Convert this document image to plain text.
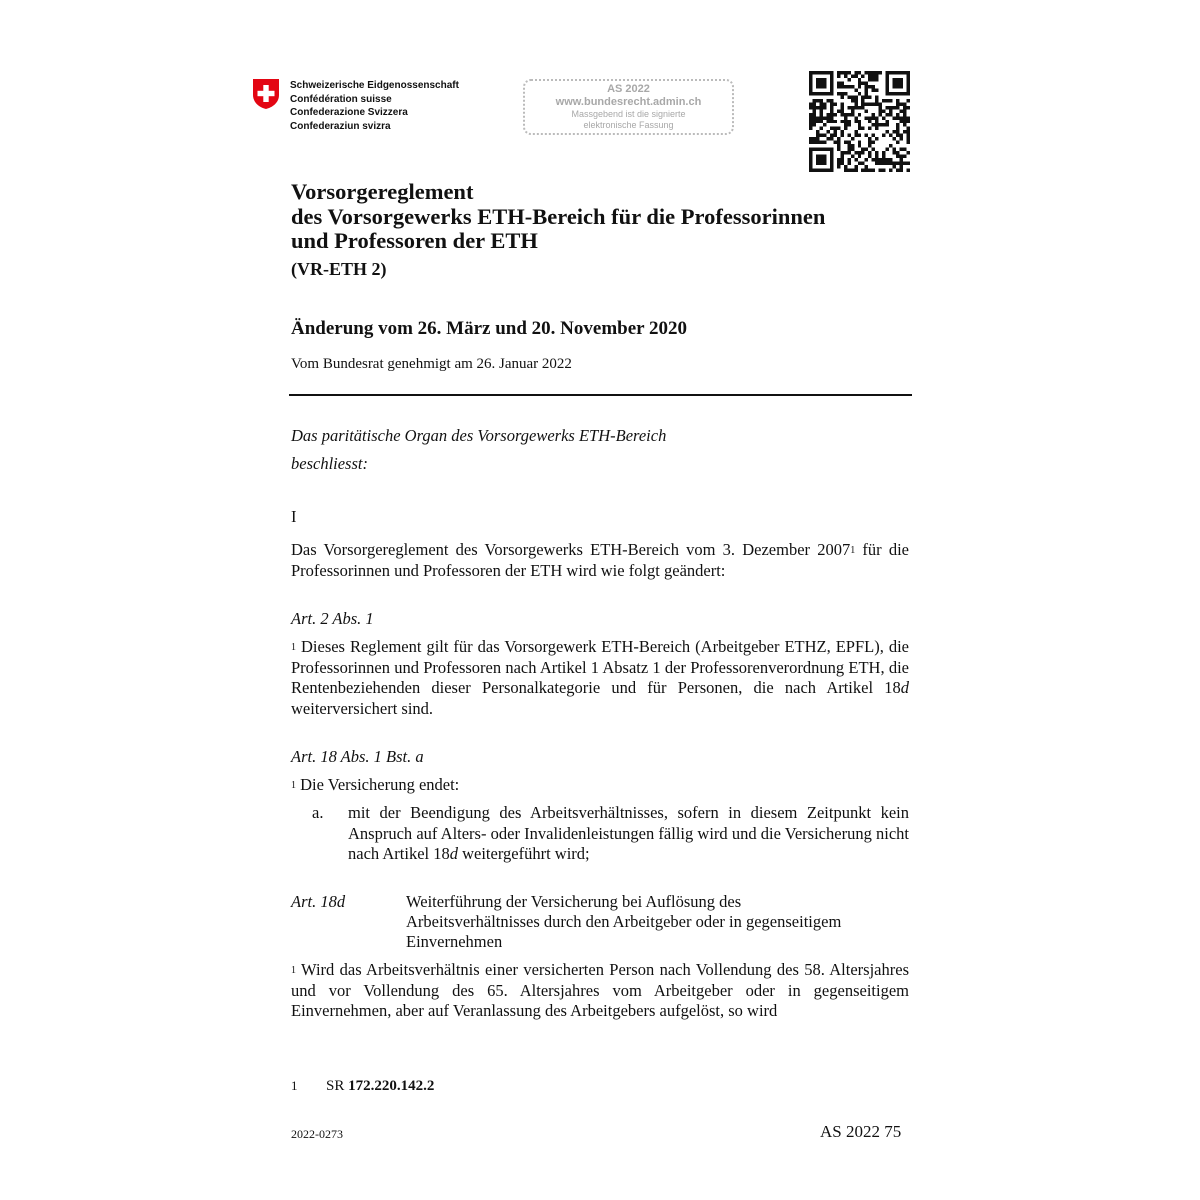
Schweizerische Eidgenossenschaft
Confédération suisse
Confederazione Svizzera
Confederaziun svizra
AS 2022
www.bundesrecht.admin.ch
Massgebend ist die signierte
elektronische Fassung
Vorsorgereglement
des Vorsorgewerks ETH-Bereich für die Professorinnen
und Professoren der ETH
(VR-ETH 2)
Änderung vom 26. März und 20. November 2020
Vom Bundesrat genehmigt am 26. Januar 2022
Das paritätische Organ des Vorsorgewerks ETH-Bereich
beschliesst:
I
Das Vorsorgereglement des Vorsorgewerks ETH-Bereich vom 3. Dezember 2007$^1$ für die Professorinnen und Professoren der ETH wird wie folgt geändert:
Art. 2 Abs. 1
$^1$ Dieses Reglement gilt für das Vorsorgewerk ETH-Bereich (Arbeitgeber ETHZ, EPFL), die Professorinnen und Professoren nach Artikel 1 Absatz 1 der Professorenverordnung ETH, die Rentenbeziehenden dieser Personalkategorie und für Personen, die nach Artikel 18d weiterversichert sind.
Art. 18 Abs. 1 Bst. a
$^1$ Die Versicherung endet:
a. mit der Beendigung des Arbeitsverhältnisses, sofern in diesem Zeitpunkt kein Anspruch auf Alters- oder Invalidenleistungen fällig wird und die Versicherung nicht nach Artikel 18d weitergeführt wird;
Art. 18d	Weiterführung der Versicherung bei Auflösung des
Arbeitsverhältnisses durch den Arbeitgeber oder in gegenseitigem
Einvernehmen
$^1$ Wird das Arbeitsverhältnis einer versicherten Person nach Vollendung des 58. Altersjahres und vor Vollendung des 65. Altersjahres vom Arbeitgeber oder in gegenseitigem Einvernehmen, aber auf Veranlassung des Arbeitgebers aufgelöst, so wird
1 SR 172.220.142.2
2022-0273	AS 2022 75
